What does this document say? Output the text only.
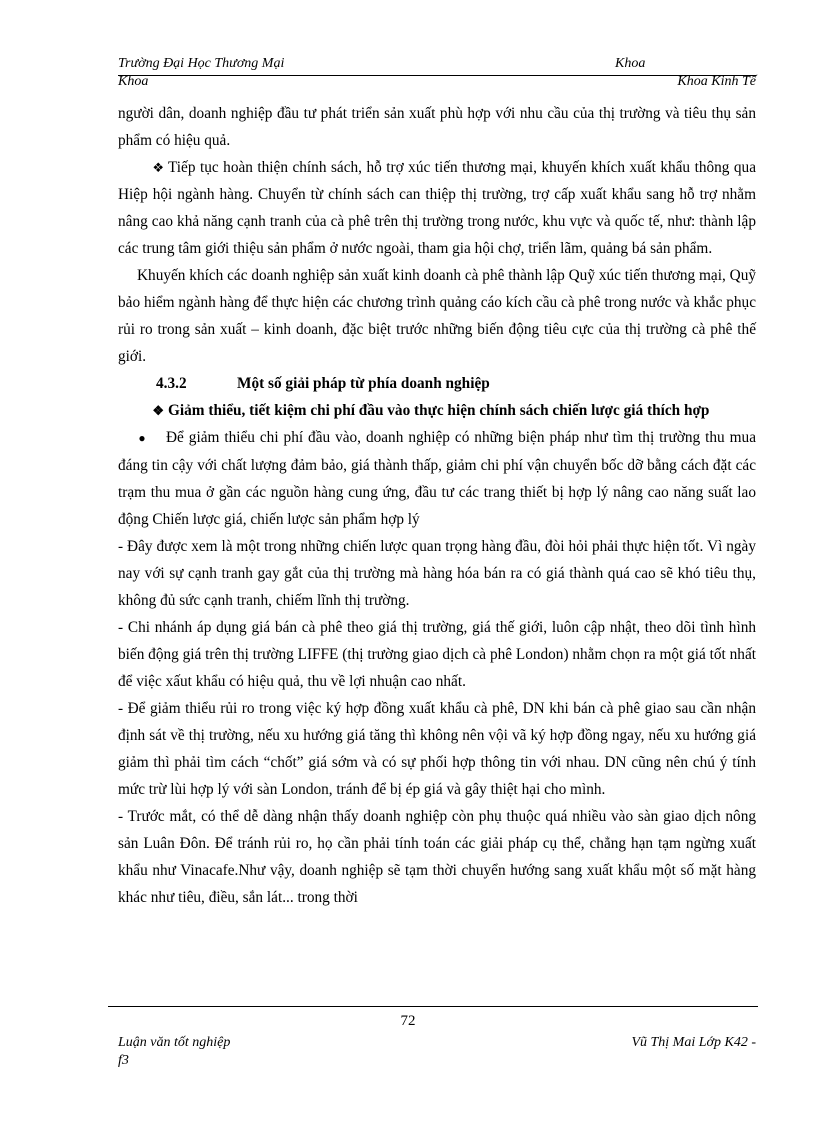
Trường Đại Học Thương Mại	Khoa
Khoa	Khoa Kinh Tế

người dân, doanh nghiệp đầu tư phát triển sản xuất phù hợp với nhu cầu của thị trường và tiêu thụ sản phẩm có hiệu quả.

❖ Tiếp tục hoàn thiện chính sách, hỗ trợ xúc tiến thương mại, khuyến khích xuất khẩu thông qua Hiệp hội ngành hàng. Chuyển từ chính sách can thiệp thị trường, trợ cấp xuất khẩu sang hỗ trợ nhằm nâng cao khả năng cạnh tranh của cà phê trên thị trường trong nước, khu vực và quốc tế, như: thành lập các trung tâm giới thiệu sản phẩm ở nước ngoài, tham gia hội chợ, triển lãm, quảng bá sản phẩm.

Khuyến khích các doanh nghiệp sản xuất kinh doanh cà phê thành lập Quỹ xúc tiến thương mại, Quỹ bảo hiểm ngành hàng để thực hiện các chương trình quảng cáo kích cầu cà phê trong nước và khắc phục rủi ro trong sản xuất – kinh doanh, đặc biệt trước những biến động tiêu cực của thị trường cà phê thế giới.

4.3.2	Một số giải pháp từ phía doanh nghiệp

❖ Giảm thiểu, tiết kiệm chi phí đầu vào thực hiện chính sách chiến lược giá thích hợp

● Để giảm thiểu chi phí đầu vào, doanh nghiệp có những biện pháp như tìm thị trường thu mua đáng tin cậy với chất lượng đảm bảo, giá thành thấp, giảm chi phí vận chuyển bốc dỡ bằng cách đặt các trạm thu mua ở gần các nguồn hàng cung ứng, đầu tư các trang thiết bị hợp lý nâng cao năng suất lao động Chiến lược giá, chiến lược sản phẩm hợp lý

- Đây được xem là một trong những chiến lược quan trọng hàng đầu, đòi hỏi phải thực hiện tốt. Vì ngày nay với sự cạnh tranh gay gắt của thị trường mà hàng hóa bán ra có giá thành quá cao sẽ khó tiêu thụ, không đủ sức cạnh tranh, chiếm lĩnh thị trường.

- Chi nhánh áp dụng giá bán cà phê theo giá thị trường, giá thế giới, luôn cập nhật, theo dõi tình hình biến động giá trên thị trường LIFFE (thị trường giao dịch cà phê London) nhằm chọn ra một giá tốt nhất để việc xấut khẩu có hiệu quả, thu về lợi nhuận cao nhất.

- Để giảm thiểu rủi ro trong việc ký hợp đồng xuất khẩu cà phê, DN khi bán cà phê giao sau cần nhận định sát về thị trường, nếu xu hướng giá tăng thì không nên vội vã ký hợp đồng ngay, nếu xu hướng giá giảm thì phải tìm cách “chốt” giá sớm và có sự phối hợp thông tin với nhau. DN cũng nên chú ý tính mức trừ lùi hợp lý với sàn London, tránh để bị ép giá và gây thiệt hại cho mình.

- Trước mắt, có thể dễ dàng nhận thấy doanh nghiệp còn phụ thuộc quá nhiều vào sàn giao dịch nông sản Luân Đôn. Để tránh rủi ro, họ cần phải tính toán các giải pháp cụ thể, chẳng hạn tạm ngừng xuất khẩu như Vinacafe.Như vậy, doanh nghiệp sẽ tạm thời chuyển hướng sang xuất khẩu một số mặt hàng khác như tiêu, điều, sắn lát... trong thời

72
Luận văn tốt nghiệp	Vũ Thị Mai Lớp K42 -
f3
